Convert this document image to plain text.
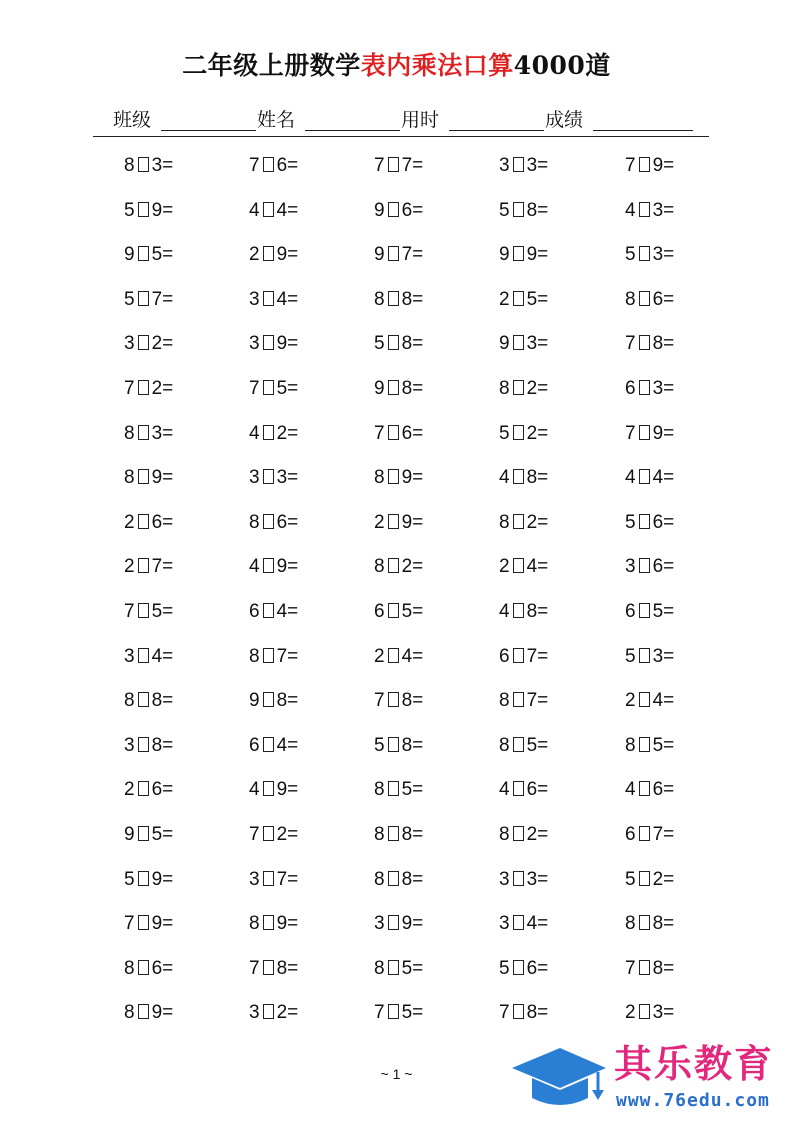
二年级上册数学表内乘法口算4000道
班级	姓名	用时	成绩
8 3=	7 6=	7 7=	3 3=	7 9=
5 9=	4 4=	9 6=	5 8=	4 3=
9 5=	2 9=	9 7=	9 9=	5 3=
5 7=	3 4=	8 8=	2 5=	8 6=
3 2=	3 9=	5 8=	9 3=	7 8=
7 2=	7 5=	9 8=	8 2=	6 3=
8 3=	4 2=	7 6=	5 2=	7 9=
8 9=	3 3=	8 9=	4 8=	4 4=
2 6=	8 6=	2 9=	8 2=	5 6=
2 7=	4 9=	8 2=	2 4=	3 6=
7 5=	6 4=	6 5=	4 8=	6 5=
3 4=	8 7=	2 4=	6 7=	5 3=
8 8=	9 8=	7 8=	8 7=	2 4=
3 8=	6 4=	5 8=	8 5=	8 5=
2 6=	4 9=	8 5=	4 6=	4 6=
9 5=	7 2=	8 8=	8 2=	6 7=
5 9=	3 7=	8 8=	3 3=	5 2=
7 9=	8 9=	3 9=	3 4=	8 8=
8 6=	7 8=	8 5=	5 6=	7 8=
8 9=	3 2=	7 5=	7 8=	2 3=
~ 1 ~	其乐教育
www.76edu.com
